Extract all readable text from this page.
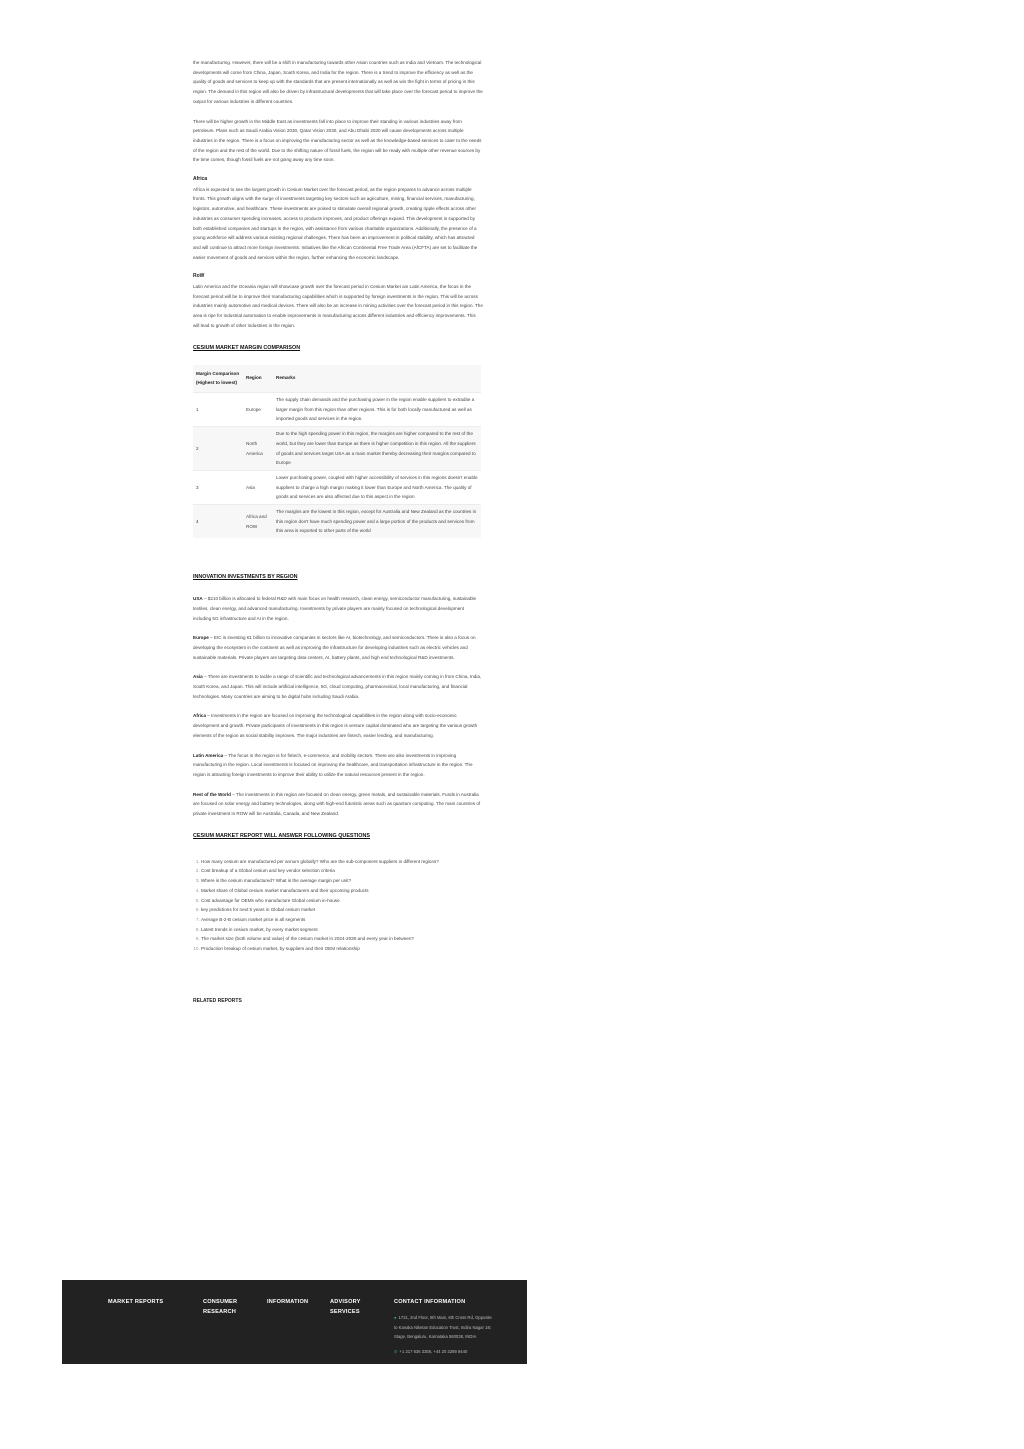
the manufacturing. However, there will be a shift in manufacturing towards other Asian countries such as India and Vietnam. The technological developments will come from China, Japan, South Korea, and India for the region. There is a trend to improve the efficiency as well as the quality of goods and services to keep up with the standards that are present internationally as well as win the fight in terms of pricing in this region. The demand in this region will also be driven by infrastructural developments that will take place over the forecast period to improve the output for various industries in different countries.

There will be higher growth in the Middle East as investments fall into place to improve their standing in various industries away from petroleum. Plans such as Saudi Arabia Vision 2030, Qatar Vision 2030, and Abu Dhabi 2030 will cause developments across multiple industries in the region. There is a focus on improving the manufacturing sector as well as the knowledge-based services to cater to the needs of the region and the rest of the world. Due to the shifting nature of fossil fuels, the region will be ready with multiple other revenue sources by the time comes, though fossil fuels are not going away any time soon.

Africa

Africa is expected to see the largest growth in Cesium Market over the forecast period, as the region prepares to advance across multiple fronts. This growth aligns with the surge of investments targeting key sectors such as agriculture, mining, financial services, manufacturing, logistics, automotive, and healthcare. These investments are poised to stimulate overall regional growth, creating ripple effects across other industries as consumer spending increases, access to products improves, and product offerings expand. This development is supported by both established companies and startups in the region, with assistance from various charitable organizations. Additionally, the presence of a young workforce will address various existing regional challenges. There has been an improvement in political stability, which has attracted and will continue to attract more foreign investments. Initiatives like the African Continental Free Trade Area (AfCFTA) are set to facilitate the easier movement of goods and services within the region, further enhancing the economic landscape.

RoW

Latin America and the Oceania region will showcase growth over the forecast period in Cesium Market ain Latin America, the focus in the forecast period will be to improve their manufacturing capabilities which is supported by foreign investments in the region. This will be across industries mainly automotive and medical devices. There will also be an increase in mining activities over the forecast period in this region. The area is ripe for industrial automation to enable improvements in manufacturing across different industries and efficiency improvements. This will lead to growth of other industries in the region.

CESIUM MARKET MARGIN COMPARISON
Margin Comparison (Highest to lowest)	Region	Remarks
1	Europe	The supply chain demands and the purchasing power in the region enable suppliers to extradite a larger margin from this region than other regions. This is for both locally manufactured as well as imported goods and services in the region.
2	North America	Due to the high spending power in this region, the margins are higher compared to the rest of the world, but they are lower than Europe as there is higher competition in this region. All the suppliers of goods and services target USA as a main market thereby decreasing their margins compared to Europe
3	Asia	Lower purchasing power, coupled with higher accessibility of services in this regions doesn't enable suppliers to charge a high margin making it lower than Europe and North America. The quality of goods and services are also affected due to this aspect in the region
4	Africa and ROW	The margins are the lowest in this region, except for Australia and New Zealand as the countries in this region don't have much spending power and a large portion of the products and services from this area is exported to other parts of the world
INNOVATION INVESTMENTS BY REGION

USA – $210 billion is allocated to federal R&D with main focus on health research, clean energy, semiconductor manufacturing, sustainable textiles, clean energy, and advanced manufacturing. Investments by private players are mainly focused on technological development including 5G infrastructure and AI in the region.

Europe – EIC is investing €1 billion to innovative companies in sectors like AI, biotechnology, and semiconductors. There is also a focus on developing the ecosystem in the continent as well as improving the infrastructure for developing industries such as electric vehicles and sustainable materials. Private players are targeting data centers, AI, battery plants, and high end technological R&D investments.

Asia – There are investments to tackle a range of scientific and technological advancements in this region mainly coming in from China, India, South Korea, and Japan. This will include artificial intelligence, 5G, cloud computing, pharmaceutical, local manufacturing, and financial technologies. Many countries are aiming to be digital hubs including Saudi Arabia.

Africa – Investments in the region are focused on improving the technological capabilities in the region along with socio-economic development and growth. Private participants of investments in this region is venture capital dominated who are targeting the various growth elements of the region as social stability improves. The major industries are fintech, easier lending, and manufacturing.

Latin America – The focus in the region is for fintech, e-commerce, and mobility sectors. There are also investments in improving manufacturing in the region. Local investments is focused on improving the healthcare, and transportation infrastructure in the region. The region is attracting foreign investments to improve their ability to utilize the natural resources present in the region.

Rest of the World – The investments in this region are focused on clean energy, green metals, and sustainable materials. Funds in Australia are focused on solar energy and battery technologies, along with high-end futuristic areas such as quantum computing. The main countries of private investment in ROW will be Australia, Canada, and New Zealand.

CESIUM MARKET REPORT WILL ANSWER FOLLOWING QUESTIONS
1. How many cesium are manufactured per annum globally? Who are the sub-component suppliers in different regions?
2. Cost breakup of a Global cesium and key vendor selection criteria
3. Where is the cesium manufactured? What is the average margin per unit?
4. Market share of Global cesium market manufacturers and their upcoming products
5. Cost advantage for OEMs who manufacture Global cesium in-house
6. key predictions for next 5 years in Global cesium market
7. Average B-2-B cesium market price in all segments
8. Latest trends in cesium market, by every market segment
9. The market size (both volume and value) of the cesium market in 2024-2030 and every year in between?
10. Production breakup of cesium market, by suppliers and their OEM relationship
RELATED REPORTS
MARKET REPORTS	CONSUMER RESEARCH
INFORMATION	ADVISORY SERVICES
CONTACT INFORMATION
● 1721, 2nd Floor, 5th Main, 6th Cross Rd, Opposite to Kanaka Niketan Education Trust, Indira Nagar 1st Stage, Bengaluru, Karnataka 560038, INDIA
✆ +1 217 636 3356, +44 20 3289 9440
